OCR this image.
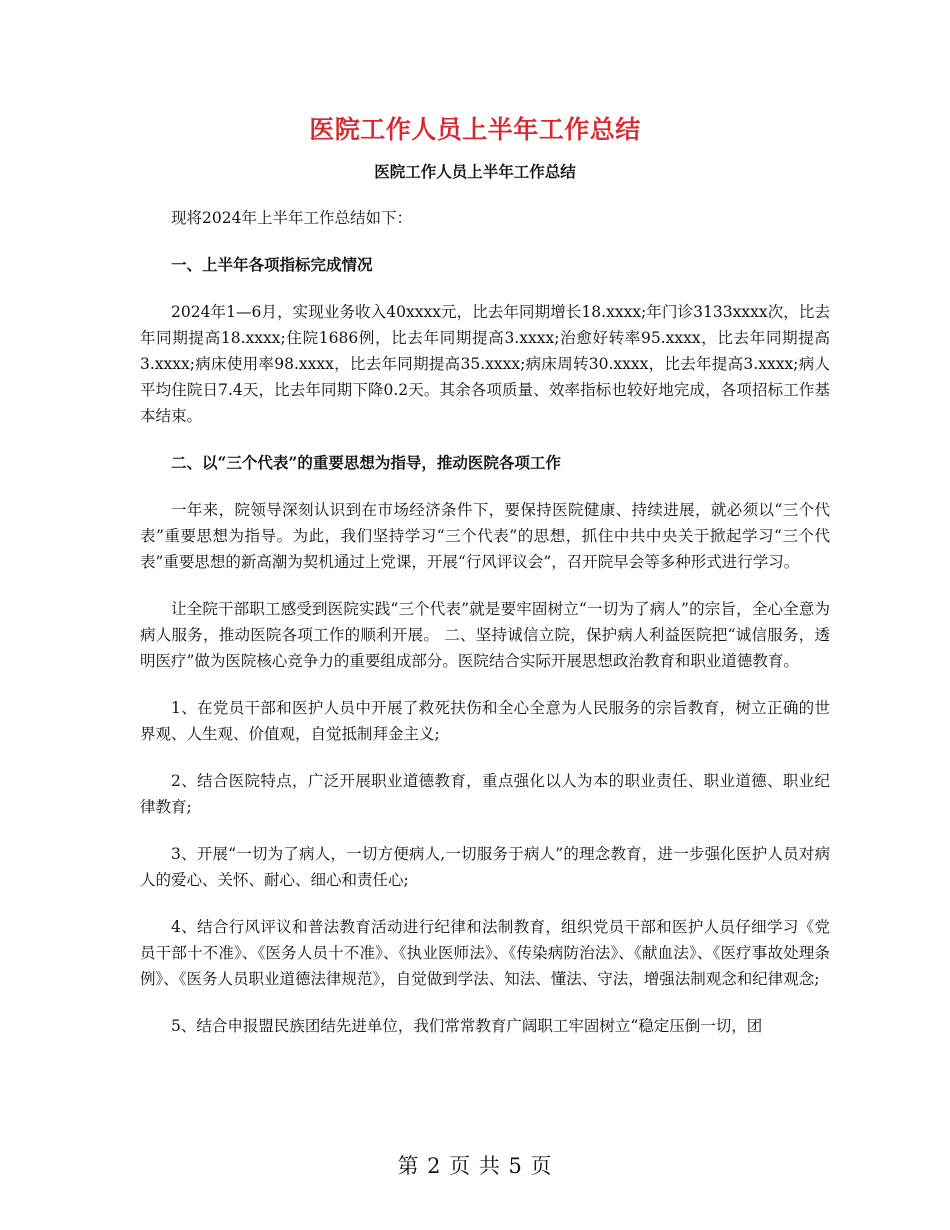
医院工作人员上半年工作总结
医院工作人员上半年工作总结

现将2024年上半年工作总结如下：

一、上半年各项指标完成情况

2024年1—6月，实现业务收入40xxxx元，比去年同期增长18.xxxx;年门诊3133xxxx次，比去年同期提高18.xxxx;住院1686例，比去年同期提高3.xxxx;治愈好转率95.xxxx，比去年同期提高3.xxxx;病床使用率98.xxxx，比去年同期提高35.xxxx;病床周转30.xxxx，比去年提高3.xxxx;病人平均住院日7.4天，比去年同期下降0.2天。其余各项质量、效率指标也较好地完成，各项招标工作基本结束。

二、以“三个代表”的重要思想为指导，推动医院各项工作

一年来，院领导深刻认识到在市场经济条件下，要保持医院健康、持续进展，就必须以“三个代表”重要思想为指导。为此，我们坚持学习“三个代表”的思想，抓住中共中央关于掀起学习“三个代表”重要思想的新高潮为契机通过上党课，开展“行风评议会”，召开院早会等多种形式进行学习。

让全院干部职工感受到医院实践“三个代表”就是要牢固树立“一切为了病人”的宗旨，全心全意为病人服务，推动医院各项工作的顺利开展。 二、坚持诚信立院，保护病人利益医院把“诚信服务，透明医疗”做为医院核心竞争力的重要组成部分。医院结合实际开展思想政治教育和职业道德教育。

1、在党员干部和医护人员中开展了救死扶伤和全心全意为人民服务的宗旨教育，树立正确的世界观、人生观、价值观，自觉抵制拜金主义;

2、结合医院特点，广泛开展职业道德教育，重点强化以人为本的职业责任、职业道德、职业纪律教育;

3、开展“一切为了病人，一切方便病人,一切服务于病人”的理念教育，进一步强化医护人员对病人的爱心、关怀、耐心、细心和责任心;

4、结合行风评议和普法教育活动进行纪律和法制教育，组织党员干部和医护人员仔细学习《党员干部十不准》、《医务人员十不准》、《执业医师法》、《传染病防治法》、《献血法》、《医疗事故处理条例》、《医务人员职业道德法律规范》，自觉做到学法、知法、懂法、守法，增强法制观念和纪律观念;

5、结合申报盟民族团结先进单位，我们常常教育广阔职工牢固树立“稳定压倒一切，团

第 2 页 共 5 页
